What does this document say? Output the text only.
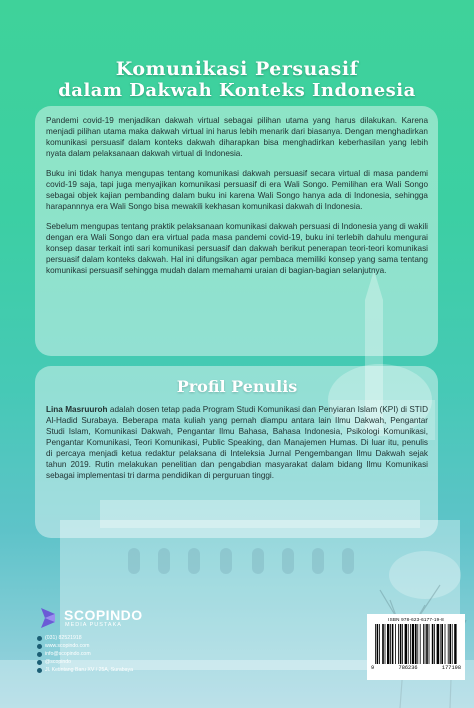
Komunikasi Persuasif
dalam Dakwah Konteks Indonesia

Pandemi covid-19 menjadikan dakwah virtual sebagai pilihan utama yang harus dilakukan. Karena menjadi pilihan utama maka dakwah virtual ini harus lebih menarik dari biasanya. Dengan menghadirkan komunikasi persuasif dalam konteks dakwah diharapkan bisa menghadirkan keberhasilan yang lebih nyata dalam pelaksanaan dakwah virtual di Indonesia.

Buku ini tidak hanya mengupas tentang komunikasi dakwah persuasif secara virtual di masa pandemi covid-19 saja, tapi juga menyajikan komunikasi persuasif di era Wali Songo. Pemilihan era Wali Songo sebagai objek kajian pembanding dalam buku ini karena Wali Songo hanya ada di Indonesia, sehingga harapannnya era Wali Songo bisa mewakili kekhasan komunikasi dakwah di Indonesia.

Sebelum mengupas tentang praktik pelaksanaan komunikasi dakwah persuasi di Indonesia yang di wakili dengan era Wali Songo dan era virtual pada masa pandemi covid-19, buku ini terlebih dahulu mengurai konsep dasar terkait inti sari komunikasi persuasif dan dakwah berikut penerapan teori-teori komunikasi persuasif dalam konteks dakwah. Hal ini difungsikan agar pembaca memiliki konsep yang sama tentang komunikasi persuasif sehingga mudah dalam memahami uraian di bagian-bagian selanjutnya.

Profil Penulis

Lina Masruuroh adalah dosen tetap pada Program Studi Komunikasi dan Penyiaran Islam (KPI) di STID Al-Hadid Surabaya. Beberapa mata kuliah yang pernah diampu antara lain Ilmu Dakwah, Pengantar Studi Islam, Komunikasi Dakwah, Pengantar Ilmu Bahasa, Bahasa Indonesia, Psikologi Komunikasi, Pengantar Komunikasi, Teori Komunikasi, Public Speaking, dan Manajemen Humas. Di luar itu, penulis di percaya menjadi ketua redaktur pelaksana di Inteleksia Jurnal Pengembangan Ilmu Dakwah sejak tahun 2019. Rutin melakukan penelitian dan pengabdian masyarakat dalam bidang Ilmu Komunikasi sebagai implementasi tri darma pendidikan di perguruan tinggi.

SCOPINDO
MEDIA PUSTAKA
(031) 82521918
www.scopindo.com
info@scopindo.com
@scopindo
Jl. Ketintang Baru XV / 25A, Surabaya
ISBN 978-623-6177-19-8
9	786236	177198
